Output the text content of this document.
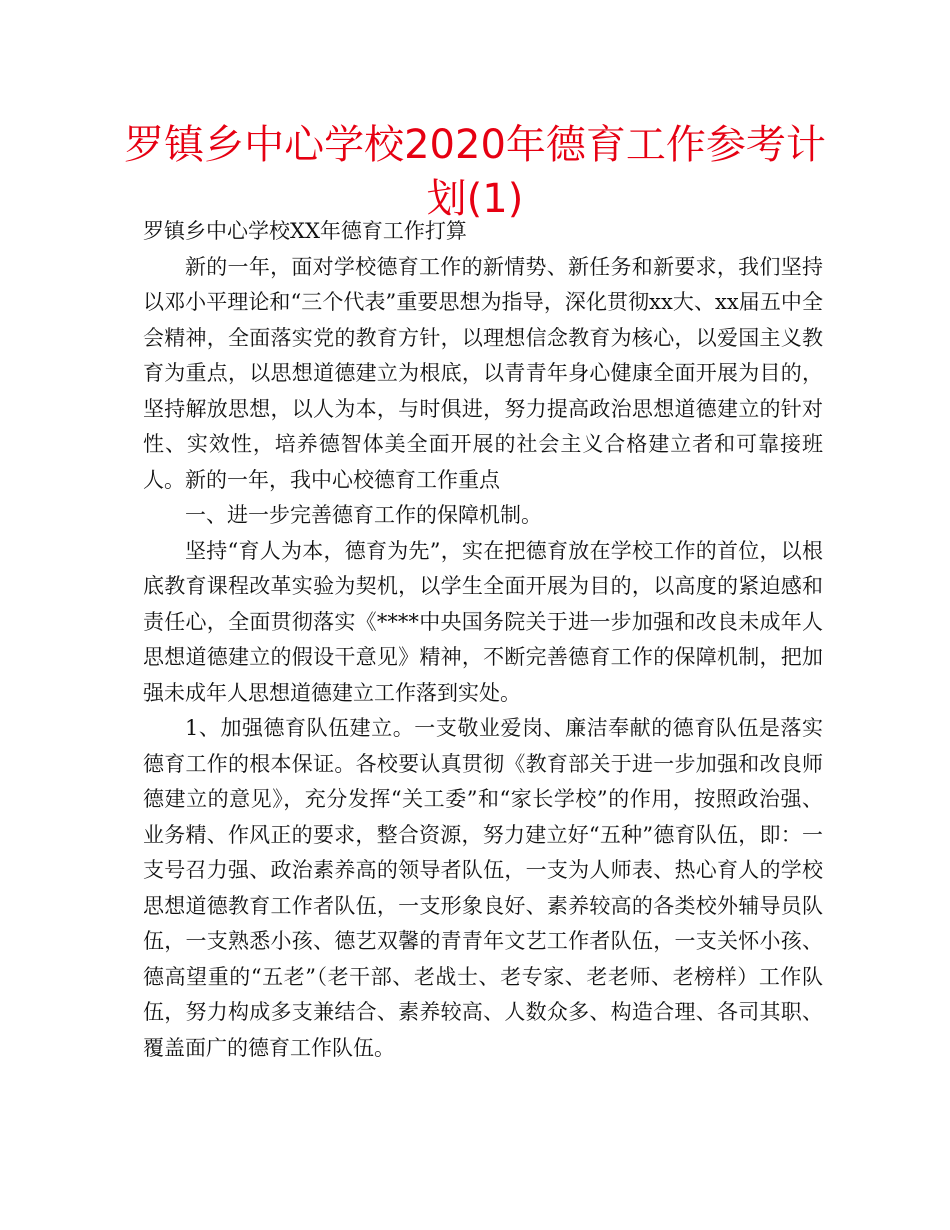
罗镇乡中心学校2020年德育工作参考计划(1)

罗镇乡中心学校XX年德育工作打算

新的一年，面对学校德育工作的新情势、新任务和新要求，我们坚持以邓小平理论和“三个代表”重要思想为指导，深化贯彻xx大、xx届五中全会精神，全面落实党的教育方针，以理想信念教育为核心，以爱国主义教育为重点，以思想道德建立为根底，以青青年身心健康全面开展为目的，坚持解放思想，以人为本，与时俱进，努力提高政治思想道德建立的针对性、实效性，培养德智体美全面开展的社会主义合格建立者和可靠接班人。新的一年，我中心校德育工作重点

一、进一步完善德育工作的保障机制。

坚持“育人为本，德育为先”，实在把德育放在学校工作的首位，以根底教育课程改革实验为契机，以学生全面开展为目的，以高度的紧迫感和责任心，全面贯彻落实《****中央国务院关于进一步加强和改良未成年人思想道德建立的假设干意见》精神，不断完善德育工作的保障机制，把加强未成年人思想道德建立工作落到实处。

1、加强德育队伍建立。一支敬业爱岗、廉洁奉献的德育队伍是落实德育工作的根本保证。各校要认真贯彻《教育部关于进一步加强和改良师德建立的意见》，充分发挥“关工委”和“家长学校”的作用，按照政治强、业务精、作风正的要求，整合资源，努力建立好“五种”德育队伍，即：一支号召力强、政治素养高的领导者队伍，一支为人师表、热心育人的学校思想道德教育工作者队伍，一支形象良好、素养较高的各类校外辅导员队伍，一支熟悉小孩、德艺双馨的青青年文艺工作者队伍，一支关怀小孩、德高望重的“五老”（老干部、老战士、老专家、老老师、老榜样）工作队伍，努力构成多支兼结合、素养较高、人数众多、构造合理、各司其职、覆盖面广的德育工作队伍。
